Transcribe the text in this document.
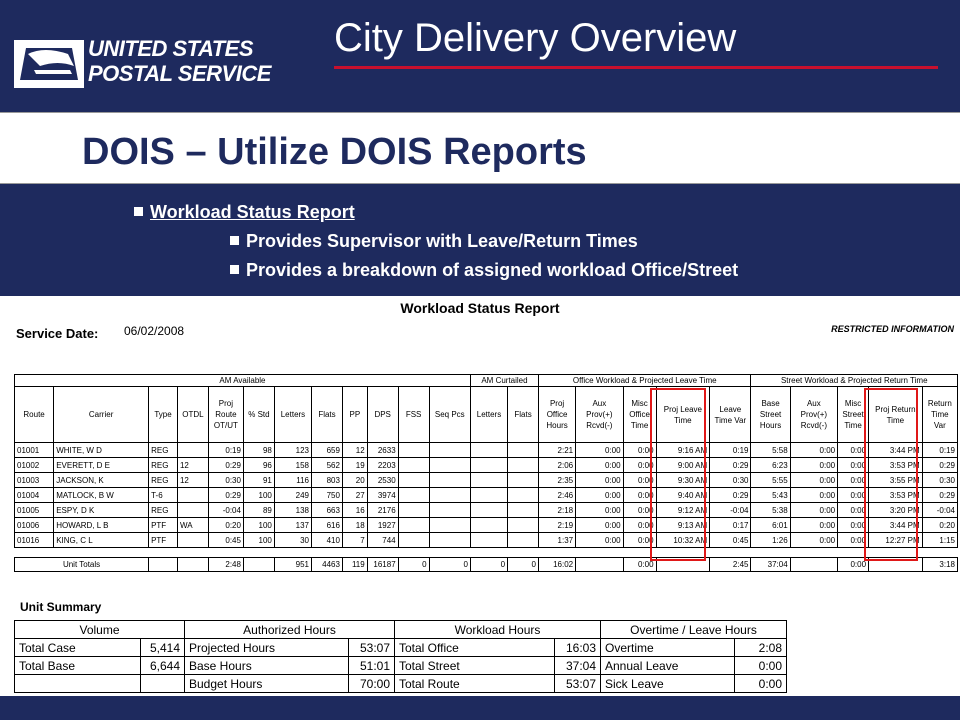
UNITED STATES
POSTAL SERVICE
City Delivery Overview
DOIS – Utilize DOIS Reports
Workload Status Report
Provides Supervisor with Leave/Return Times
Provides a breakdown of assigned workload Office/Street
Workload Status Report
Service Date: 06/02/2008	RESTRICTED INFORMATION
AM Available												AM Curtailed		Office Workload & Projected Leave Time					Street Workload & Projected Return Time				
Route	Carrier	Type	OTDL	Proj Route OT/UT	% Std	Letters	Flats	PP	DPS	FSS	Seq Pcs	Letters	Flats	Proj Office Hours	Aux Prov(+) Rcvd(-)	Misc Office Time	Proj Leave Time	Leave Time Var	Base Street Hours	Aux Prov(+) Rcvd(-)	Misc Street Time	Proj Return Time	Return Time Var
01001	WHITE, W D	REG		0:19	98	123	659	12	2633					2:21	0:00	0:00	9:16 AM	0:19	5:58	0:00	0:00	3:44 PM	0:19
01002	EVERETT, D E	REG	12	0:29	96	158	562	19	2203					2:06	0:00	0:00	9:00 AM	0:29	6:23	0:00	0:00	3:53 PM	0:29
01003	JACKSON, K	REG	12	0:30	91	116	803	20	2530					2:35	0:00	0:00	9:30 AM	0:30	5:55	0:00	0:00	3:55 PM	0:30
01004	MATLOCK, B W	T-6		0:29	100	249	750	27	3974					2:46	0:00	0:00	9:40 AM	0:29	5:43	0:00	0:00	3:53 PM	0:29
01005	ESPY, D K	REG		-0:04	89	138	663	16	2176					2:18	0:00	0:00	9:12 AM	-0:04	5:38	0:00	0:00	3:20 PM	-0:04
01006	HOWARD, L B	PTF	WA	0:20	100	137	616	18	1927					2:19	0:00	0:00	9:13 AM	0:17	6:01	0:00	0:00	3:44 PM	0:20
01016	KING, C L	PTF		0:45	100	30	410	7	744					1:37	0:00	0:00	10:32 AM	0:45	1:26	0:00	0:00	12:27 PM	1:15

Unit Totals				2:48		951	4463	119	16187	0	0	0	0	16:02		0:00		2:45	37:04		0:00		3:18
Unit Summary
Volume		Authorized Hours		Workload Hours		Overtime / Leave Hours	
Total Case	5,414	Projected Hours	53:07	Total Office	16:03	Overtime	2:08
Total Base	6,644	Base Hours	51:01	Total Street	37:04	Annual Leave	0:00
		Budget Hours	70:00	Total Route	53:07	Sick Leave	0:00
